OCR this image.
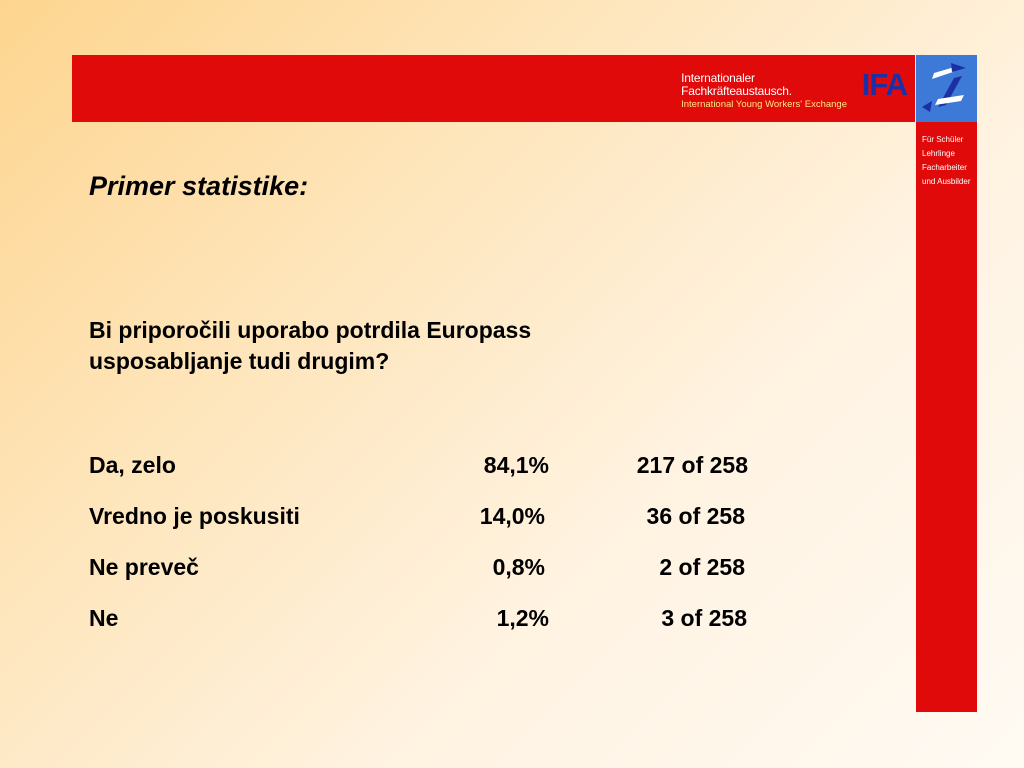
Internationaler
Fachkräfteaustausch.
International Young Workers' Exchange
IFA
Für Schüler
Lehrlinge
Facharbeiter
und Ausbilder
Primer statistike:
Bi priporočili uporabo potrdila Europass
usposabljanje tudi drugim?
Da, zelo	84,1%	217 of 258
Vredno je poskusiti	14,0%	36 of 258
Ne preveč	0,8%	2 of 258
Ne	1,2%	3 of 258
